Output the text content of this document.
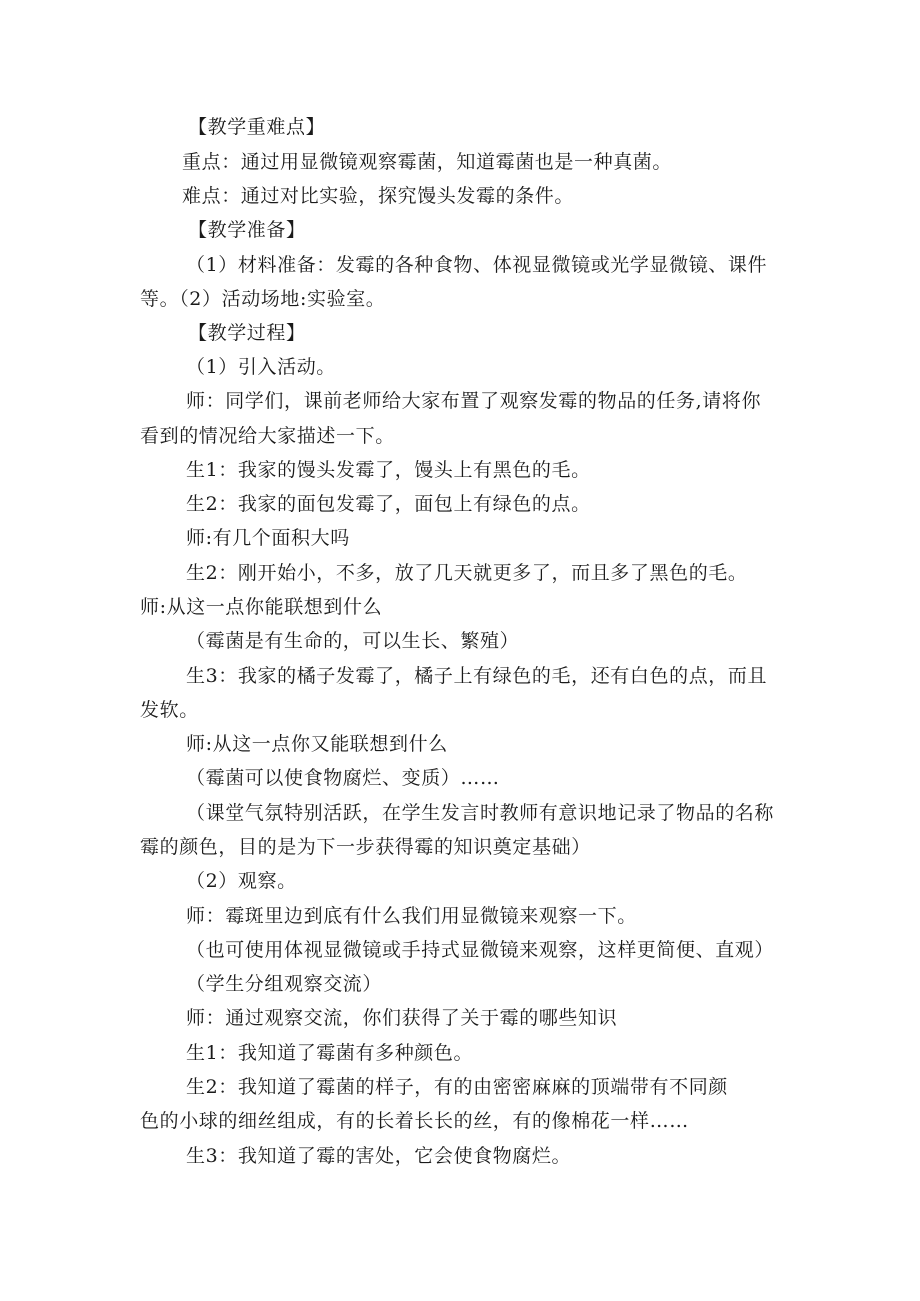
【教学重难点】
重点：通过用显微镜观察霉菌，知道霉菌也是一种真菌。
难点：通过对比实验，探究馒头发霉的条件。
【教学准备】
（1）材料准备：发霉的各种食物、体视显微镜或光学显微镜、课件
等。（2）活动场地:实验室。
【教学过程】
（1）引入活动。
师：同学们，课前老师给大家布置了观察发霉的物品的任务,请将你
看到的情况给大家描述一下。
生1：我家的馒头发霉了，馒头上有黑色的毛。
生2：我家的面包发霉了，面包上有绿色的点。
师:有几个面积大吗
生2：刚开始小，不多，放了几天就更多了，而且多了黑色的毛。
师:从这一点你能联想到什么
（霉菌是有生命的，可以生长、繁殖）
生3：我家的橘子发霉了，橘子上有绿色的毛，还有白色的点，而且
发软。
师:从这一点你又能联想到什么
（霉菌可以使食物腐烂、变质）……
（课堂气氛特别活跃，在学生发言时教师有意识地记录了物品的名称
霉的颜色，目的是为下一步获得霉的知识奠定基础）
（2）观察。
师：霉斑里边到底有什么我们用显微镜来观察一下。
（也可使用体视显微镜或手持式显微镜来观察，这样更简便、直观）
（学生分组观察交流）
师：通过观察交流，你们获得了关于霉的哪些知识
生1：我知道了霉菌有多种颜色。
生2：我知道了霉菌的样子，有的由密密麻麻的顶端带有不同颜
色的小球的细丝组成，有的长着长长的丝，有的像棉花一样……
生3：我知道了霉的害处，它会使食物腐烂。
